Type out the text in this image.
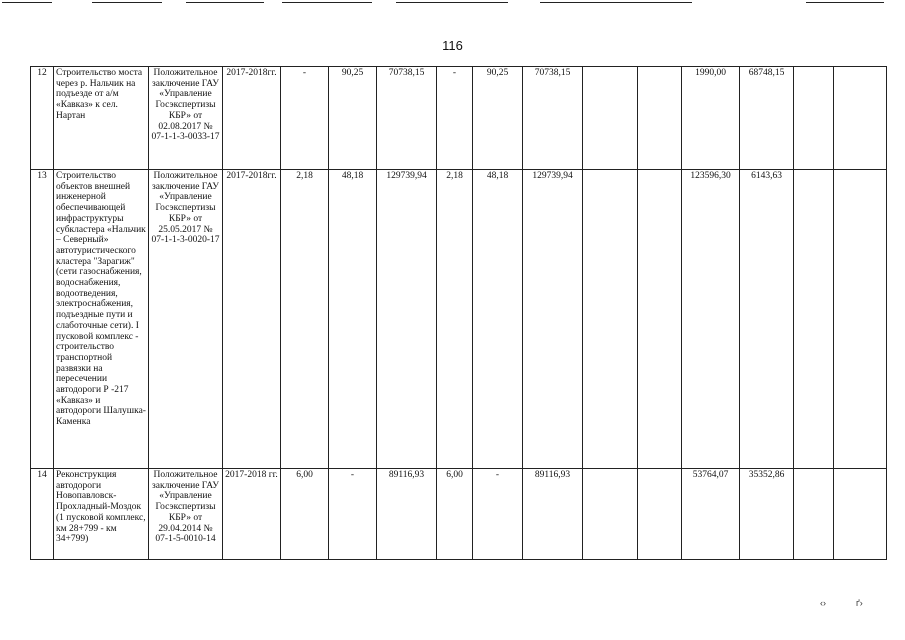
116
12	Строительство моста через р. Нальчик на подъезде от а/м «Кавказ» к сел. Нартан	Положительное заключение ГАУ «Управление Госэкспертизы КБР» от 02.08.2017 № 07-1-1-3-0033-17	2017-2018гг.	-	90,25	70738,15	-	90,25	70738,15			1990,00	68748,15		
13	Строительство объектов внешней инженерной обеспечивающей инфраструктуры субкластера «Нальчик – Северный» автотуристического кластера "Зарагиж" (сети газоснабжения, водоснабжения, водоотведения, электроснабжения, подъездные пути и слаботочные сети). I пусковой комплекс - строительство транспортной развязки на пересечении автодороги Р -217 «Кавказ» и автодороги Шалушка-Каменка	Положительное заключение ГАУ «Управление Госэкспертизы КБР» от 25.05.2017 № 07-1-1-3-0020-17	2017-2018гг.	2,18	48,18	129739,94	2,18	48,18	129739,94			123596,30	6143,63		
14	Реконструкция автодороги Новопавловск-Прохладный-Моздок (1 пусковой комплекс, км 28+799 - км 34+799)	Положительное заключение ГАУ «Управление Госэкспертизы КБР» от 29.04.2014 № 07-1-5-0010-14	2017-2018 гг.	6,00	-	89116,93	6,00	-	89116,93			53764,07	35352,86		
‹›	ґ›
